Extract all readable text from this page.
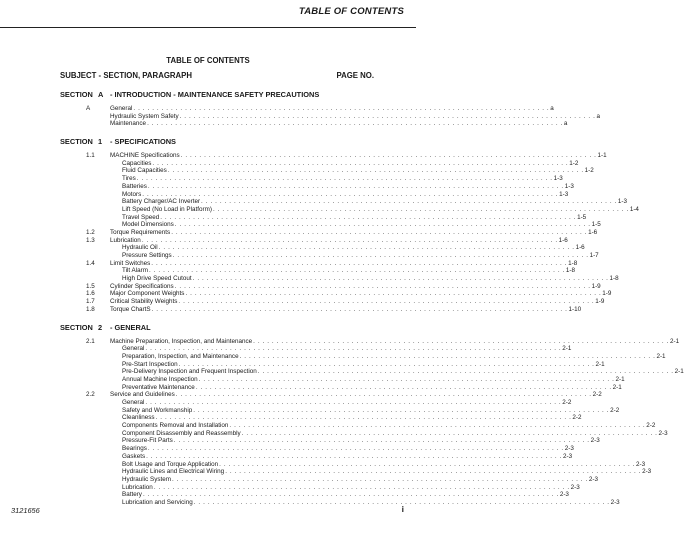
TABLE OF CONTENTS
TABLE OF CONTENTS
SUBJECT - SECTION, PARAGRAPH	PAGE NO.
SECTION A - INTRODUCTION - MAINTENANCE SAFETY PRECAUTIONS
A	General . . . . . . . . . . . . . . . . . . . . . . . . . . . . . . . . . . . . . . . . . . . . . . . . . . . . . . . . . . . . . . . . . . . . . . . . . . . . . . . . . . . . . . . . . a
Hydraulic System Safety . . . . . . . . . . . . . . . . . . . . . . . . . . . . . . . . . . . . . . . . . . . . . . . . . . . . . . . . . . . . . . . . . . . . . . . . . . . . . . . . . . . . . . . . . a
Maintenance . . . . . . . . . . . . . . . . . . . . . . . . . . . . . . . . . . . . . . . . . . . . . . . . . . . . . . . . . . . . . . . . . . . . . . . . . . . . . . . . . . . . . . . . . a
SECTION 1 - SPECIFICATIONS
1.1 MACHINE Specifications . . . . . . . . . . . . . . . . . . . . . . . . . . . . . . . . . . . . . . . . . . . . . . . . . . . . . . . . . . . . . . . . . . . . . . . . . . . . . . . . . . . . . . . . . 1-1
Capacities . . . . . . . . . . . . . . . . . . . . . . . . . . . . . . . . . . . . . . . . . . . . . . . . . . . . . . . . . . . . . . . . . . . . . . . . . . . . . . . . . . . . . . . . . 1-2
Fluid Capacities . . . . . . . . . . . . . . . . . . . . . . . . . . . . . . . . . . . . . . . . . . . . . . . . . . . . . . . . . . . . . . . . . . . . . . . . . . . . . . . . . . . . . . . . . 1-2
Tires . . . . . . . . . . . . . . . . . . . . . . . . . . . . . . . . . . . . . . . . . . . . . . . . . . . . . . . . . . . . . . . . . . . . . . . . . . . . . . . . . . . . . . . . . 1-3
Batteries . . . . . . . . . . . . . . . . . . . . . . . . . . . . . . . . . . . . . . . . . . . . . . . . . . . . . . . . . . . . . . . . . . . . . . . . . . . . . . . . . . . . . . . . . 1-3
Motors . . . . . . . . . . . . . . . . . . . . . . . . . . . . . . . . . . . . . . . . . . . . . . . . . . . . . . . . . . . . . . . . . . . . . . . . . . . . . . . . . . . . . . . . . 1-3
Battery Charger/AC Inverter . . . . . . . . . . . . . . . . . . . . . . . . . . . . . . . . . . . . . . . . . . . . . . . . . . . . . . . . . . . . . . . . . . . . . . . . . . . . . . . . . . . . . . . . . 1-3
Lift Speed (No Load in Platform) . . . . . . . . . . . . . . . . . . . . . . . . . . . . . . . . . . . . . . . . . . . . . . . . . . . . . . . . . . . . . . . . . . . . . . . . . . . . . . . . . . . . . . . . . 1-4
Travel Speed . . . . . . . . . . . . . . . . . . . . . . . . . . . . . . . . . . . . . . . . . . . . . . . . . . . . . . . . . . . . . . . . . . . . . . . . . . . . . . . . . . . . . . . . . 1-5
Model Dimensions . . . . . . . . . . . . . . . . . . . . . . . . . . . . . . . . . . . . . . . . . . . . . . . . . . . . . . . . . . . . . . . . . . . . . . . . . . . . . . . . . . . . . . . . . 1-5
1.2 Torque Requirements . . . . . . . . . . . . . . . . . . . . . . . . . . . . . . . . . . . . . . . . . . . . . . . . . . . . . . . . . . . . . . . . . . . . . . . . . . . . . . . . . . . . . . . . . 1-6
1.3 Lubrication . . . . . . . . . . . . . . . . . . . . . . . . . . . . . . . . . . . . . . . . . . . . . . . . . . . . . . . . . . . . . . . . . . . . . . . . . . . . . . . . . . . . . . . . . 1-6
Hydraulic Oil . . . . . . . . . . . . . . . . . . . . . . . . . . . . . . . . . . . . . . . . . . . . . . . . . . . . . . . . . . . . . . . . . . . . . . . . . . . . . . . . . . . . . . . . . 1-6
Pressure Settings . . . . . . . . . . . . . . . . . . . . . . . . . . . . . . . . . . . . . . . . . . . . . . . . . . . . . . . . . . . . . . . . . . . . . . . . . . . . . . . . . . . . . . . . . 1-7
1.4 Limit Switches . . . . . . . . . . . . . . . . . . . . . . . . . . . . . . . . . . . . . . . . . . . . . . . . . . . . . . . . . . . . . . . . . . . . . . . . . . . . . . . . . . . . . . . . . 1-8
Tilt Alarm . . . . . . . . . . . . . . . . . . . . . . . . . . . . . . . . . . . . . . . . . . . . . . . . . . . . . . . . . . . . . . . . . . . . . . . . . . . . . . . . . . . . . . . . . 1-8
High Drive Speed Cutout . . . . . . . . . . . . . . . . . . . . . . . . . . . . . . . . . . . . . . . . . . . . . . . . . . . . . . . . . . . . . . . . . . . . . . . . . . . . . . . . . . . . . . . . . 1-8
1.5 Cylinder Specifications . . . . . . . . . . . . . . . . . . . . . . . . . . . . . . . . . . . . . . . . . . . . . . . . . . . . . . . . . . . . . . . . . . . . . . . . . . . . . . . . . . . . . . . . . 1-9
1.6 Major Component Weights . . . . . . . . . . . . . . . . . . . . . . . . . . . . . . . . . . . . . . . . . . . . . . . . . . . . . . . . . . . . . . . . . . . . . . . . . . . . . . . . . . . . . . . . . 1-9
1.7 Critical Stability Weights . . . . . . . . . . . . . . . . . . . . . . . . . . . . . . . . . . . . . . . . . . . . . . . . . . . . . . . . . . . . . . . . . . . . . . . . . . . . . . . . . . . . . . . . . 1-9
1.8 Torque ChartS . . . . . . . . . . . . . . . . . . . . . . . . . . . . . . . . . . . . . . . . . . . . . . . . . . . . . . . . . . . . . . . . . . . . . . . . . . . . . . . . . . . . . . . . . 1-10
SECTION 2 - GENERAL
2.1 Machine Preparation, Inspection, and Maintenance . . . . . . . . . . . . . . . . . . . . . . . . . . . . . . . . . . . . . . . . . . . . . . . . . . . . . . . . . . . . . . . . . . . . . . . . . . . . . . . . . . . . . . . . . 2-1
General . . . . . . . . . . . . . . . . . . . . . . . . . . . . . . . . . . . . . . . . . . . . . . . . . . . . . . . . . . . . . . . . . . . . . . . . . . . . . . . . . . . . . . . . . 2-1
Preparation, Inspection, and Maintenance . . . . . . . . . . . . . . . . . . . . . . . . . . . . . . . . . . . . . . . . . . . . . . . . . . . . . . . . . . . . . . . . . . . . . . . . . . . . . . . . . . . . . . . . . 2-1
Pre-Start Inspection . . . . . . . . . . . . . . . . . . . . . . . . . . . . . . . . . . . . . . . . . . . . . . . . . . . . . . . . . . . . . . . . . . . . . . . . . . . . . . . . . . . . . . . . . 2-1
Pre-Delivery Inspection and Frequent Inspection . . . . . . . . . . . . . . . . . . . . . . . . . . . . . . . . . . . . . . . . . . . . . . . . . . . . . . . . . . . . . . . . . . . . . . . . . . . . . . . . . . . . . . . . . 2-1
Annual Machine Inspection . . . . . . . . . . . . . . . . . . . . . . . . . . . . . . . . . . . . . . . . . . . . . . . . . . . . . . . . . . . . . . . . . . . . . . . . . . . . . . . . . . . . . . . . . 2-1
Preventative Maintenance . . . . . . . . . . . . . . . . . . . . . . . . . . . . . . . . . . . . . . . . . . . . . . . . . . . . . . . . . . . . . . . . . . . . . . . . . . . . . . . . . . . . . . . . . 2-1
2.2 Service and Guidelines . . . . . . . . . . . . . . . . . . . . . . . . . . . . . . . . . . . . . . . . . . . . . . . . . . . . . . . . . . . . . . . . . . . . . . . . . . . . . . . . . . . . . . . . . 2-2
General . . . . . . . . . . . . . . . . . . . . . . . . . . . . . . . . . . . . . . . . . . . . . . . . . . . . . . . . . . . . . . . . . . . . . . . . . . . . . . . . . . . . . . . . . 2-2
Safety and Workmanship . . . . . . . . . . . . . . . . . . . . . . . . . . . . . . . . . . . . . . . . . . . . . . . . . . . . . . . . . . . . . . . . . . . . . . . . . . . . . . . . . . . . . . . . . 2-2
Cleanliness . . . . . . . . . . . . . . . . . . . . . . . . . . . . . . . . . . . . . . . . . . . . . . . . . . . . . . . . . . . . . . . . . . . . . . . . . . . . . . . . . . . . . . . . . 2-2
Components Removal and Installation . . . . . . . . . . . . . . . . . . . . . . . . . . . . . . . . . . . . . . . . . . . . . . . . . . . . . . . . . . . . . . . . . . . . . . . . . . . . . . . . . . . . . . . . . 2-2
Component Disassembly and Reassembly . . . . . . . . . . . . . . . . . . . . . . . . . . . . . . . . . . . . . . . . . . . . . . . . . . . . . . . . . . . . . . . . . . . . . . . . . . . . . . . . . . . . . . . . . 2-3
Pressure-Fit Parts . . . . . . . . . . . . . . . . . . . . . . . . . . . . . . . . . . . . . . . . . . . . . . . . . . . . . . . . . . . . . . . . . . . . . . . . . . . . . . . . . . . . . . . . . 2-3
Bearings . . . . . . . . . . . . . . . . . . . . . . . . . . . . . . . . . . . . . . . . . . . . . . . . . . . . . . . . . . . . . . . . . . . . . . . . . . . . . . . . . . . . . . . . . 2-3
Gaskets . . . . . . . . . . . . . . . . . . . . . . . . . . . . . . . . . . . . . . . . . . . . . . . . . . . . . . . . . . . . . . . . . . . . . . . . . . . . . . . . . . . . . . . . . 2-3
Bolt Usage and Torque Application . . . . . . . . . . . . . . . . . . . . . . . . . . . . . . . . . . . . . . . . . . . . . . . . . . . . . . . . . . . . . . . . . . . . . . . . . . . . . . . . . . . . . . . . . 2-3
Hydraulic Lines and Electrical Wiring . . . . . . . . . . . . . . . . . . . . . . . . . . . . . . . . . . . . . . . . . . . . . . . . . . . . . . . . . . . . . . . . . . . . . . . . . . . . . . . . . . . . . . . . . 2-3
Hydraulic System . . . . . . . . . . . . . . . . . . . . . . . . . . . . . . . . . . . . . . . . . . . . . . . . . . . . . . . . . . . . . . . . . . . . . . . . . . . . . . . . . . . . . . . . . 2-3
Lubrication . . . . . . . . . . . . . . . . . . . . . . . . . . . . . . . . . . . . . . . . . . . . . . . . . . . . . . . . . . . . . . . . . . . . . . . . . . . . . . . . . . . . . . . . . 2-3
Battery . . . . . . . . . . . . . . . . . . . . . . . . . . . . . . . . . . . . . . . . . . . . . . . . . . . . . . . . . . . . . . . . . . . . . . . . . . . . . . . . . . . . . . . . . 2-3
Lubrication and Servicing . . . . . . . . . . . . . . . . . . . . . . . . . . . . . . . . . . . . . . . . . . . . . . . . . . . . . . . . . . . . . . . . . . . . . . . . . . . . . . . . . . . . . . . . . 2-3
3121656	i
